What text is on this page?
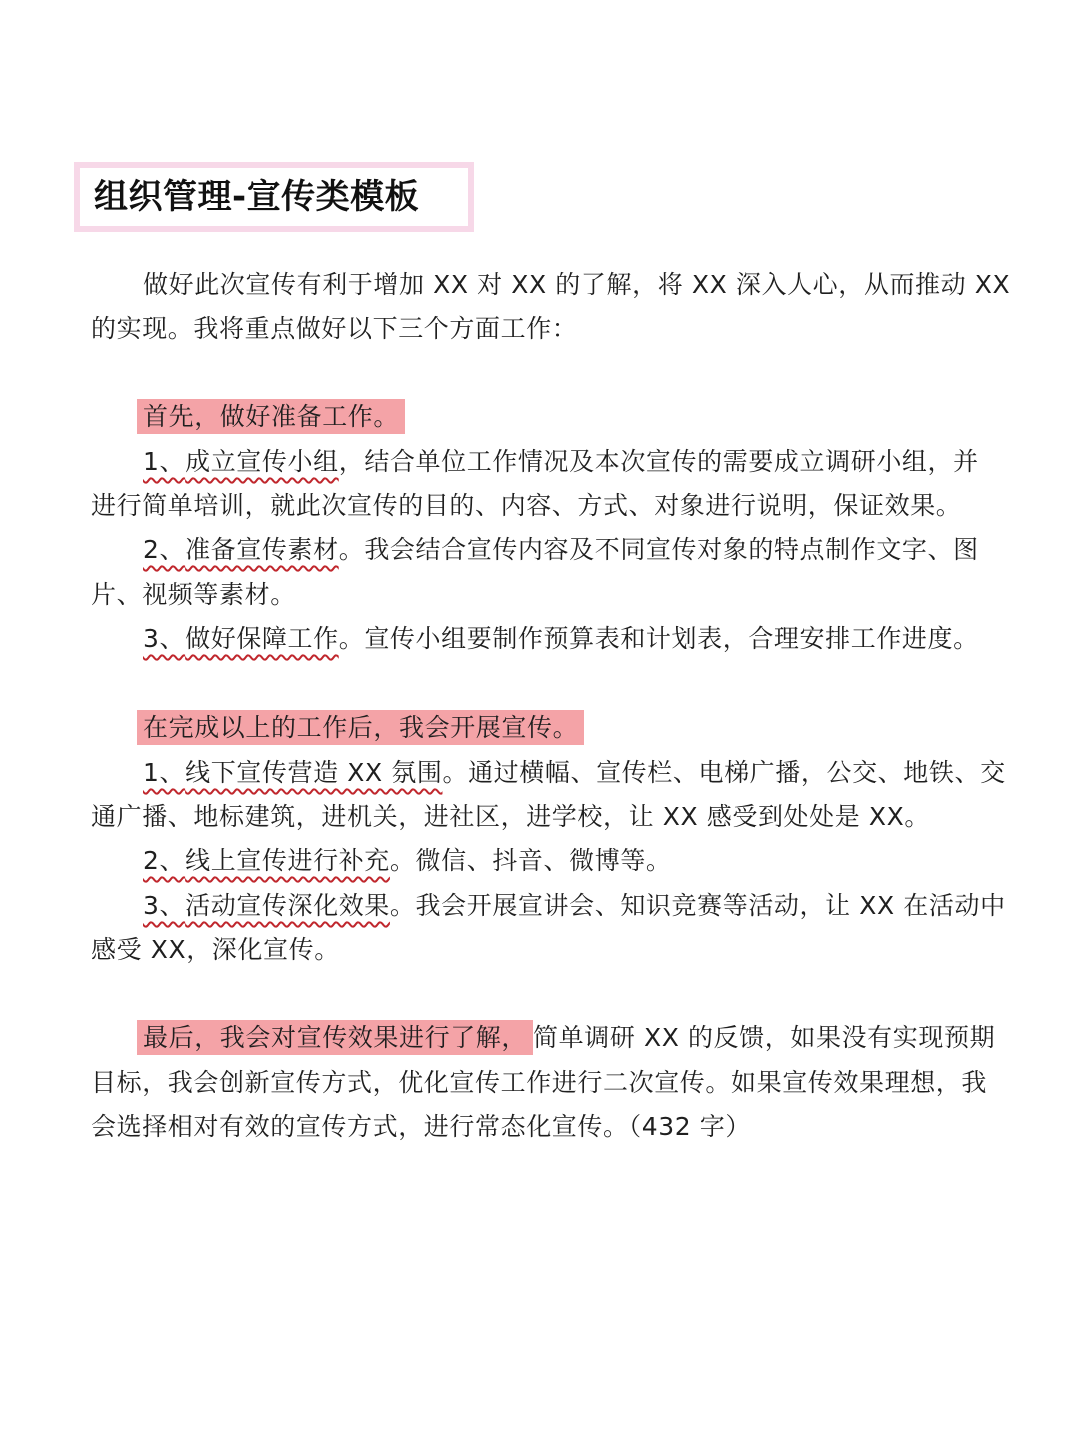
组织管理-宣传类模板
做好此次宣传有利于增加 XX 对 XX 的了解，将 XX 深入人心，从而推动 XX
的实现。我将重点做好以下三个方面工作：
首先，做好准备工作。
1、成立宣传小组，结合单位工作情况及本次宣传的需要成立调研小组，并
进行简单培训，就此次宣传的目的、内容、方式、对象进行说明，保证效果。
2、准备宣传素材。我会结合宣传内容及不同宣传对象的特点制作文字、图
片、视频等素材。
3、做好保障工作。宣传小组要制作预算表和计划表，合理安排工作进度。
在完成以上的工作后，我会开展宣传。
1、线下宣传营造 XX 氛围。通过横幅、宣传栏、电梯广播，公交、地铁、交
通广播、地标建筑，进机关，进社区，进学校，让 XX 感受到处处是 XX。
2、线上宣传进行补充。微信、抖音、微博等。
3、活动宣传深化效果。我会开展宣讲会、知识竞赛等活动，让 XX 在活动中
感受 XX，深化宣传。
最后，我会对宣传效果进行了解， 简单调研 XX 的反馈，如果没有实现预期
目标，我会创新宣传方式，优化宣传工作进行二次宣传。如果宣传效果理想，我
会选择相对有效的宣传方式，进行常态化宣传。（432 字）
